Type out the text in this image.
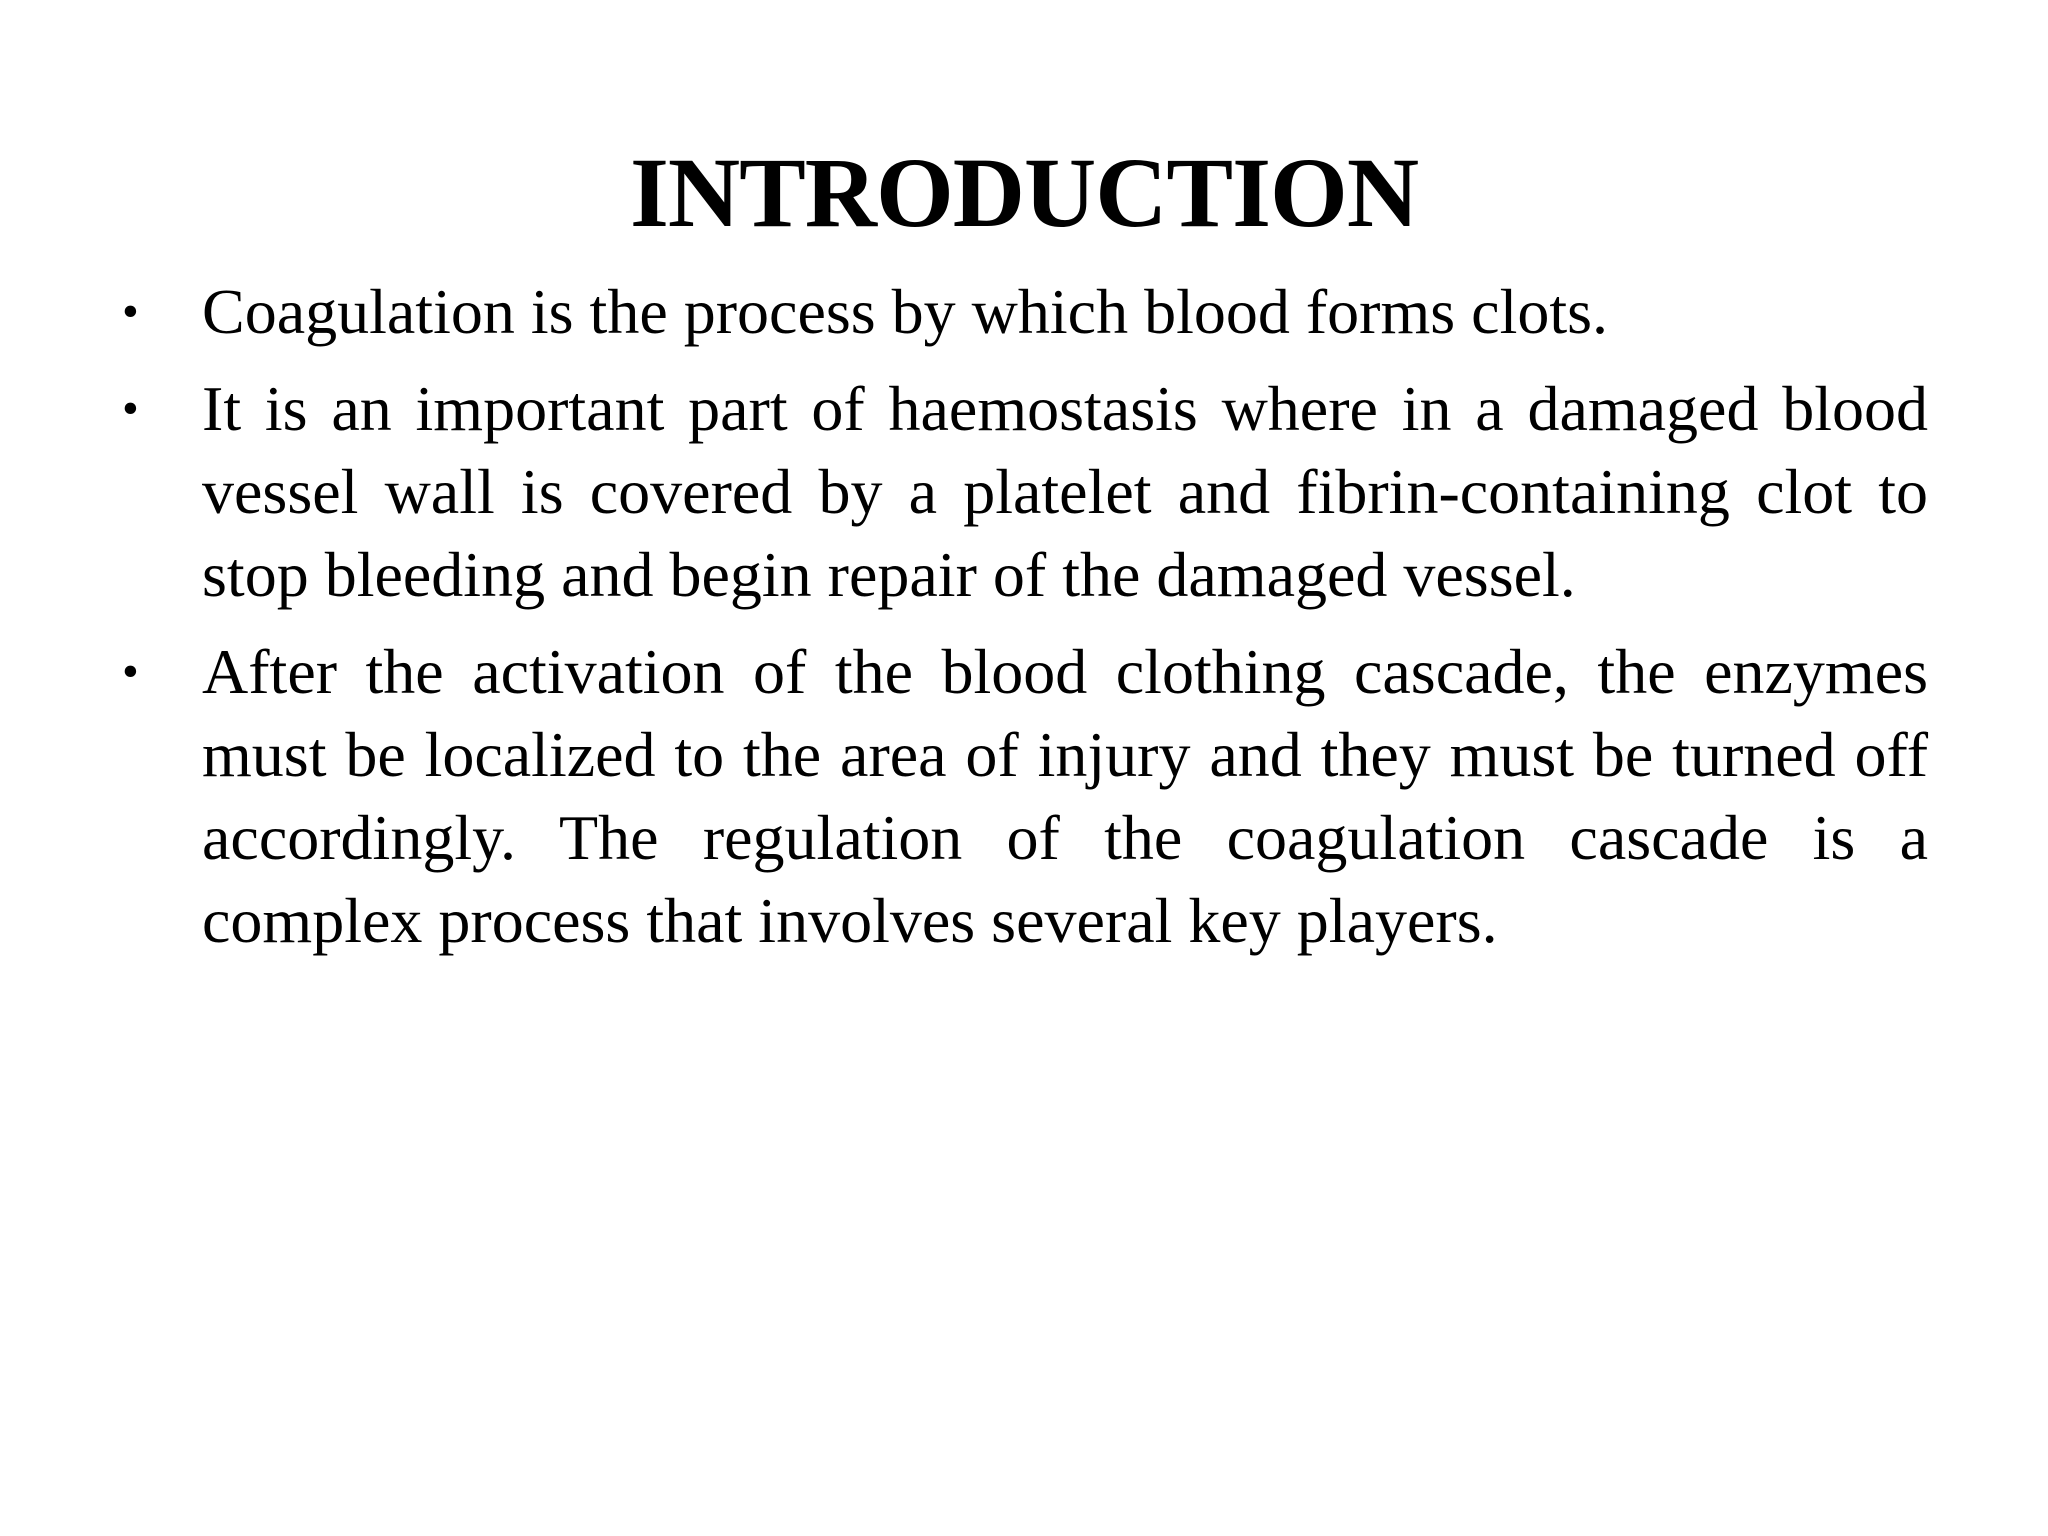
INTRODUCTION
• Coagulation is the process by which blood forms clots.
• It is an important part of haemostasis where in a damaged blood vessel wall is covered by a platelet and fibrin-containing clot to stop bleeding and begin repair of the damaged vessel.
• After the activation of the blood clothing cascade, the enzymes must be localized to the area of injury and they must be turned off accordingly. The regulation of the coagulation cascade is a complex process that involves several key players.
